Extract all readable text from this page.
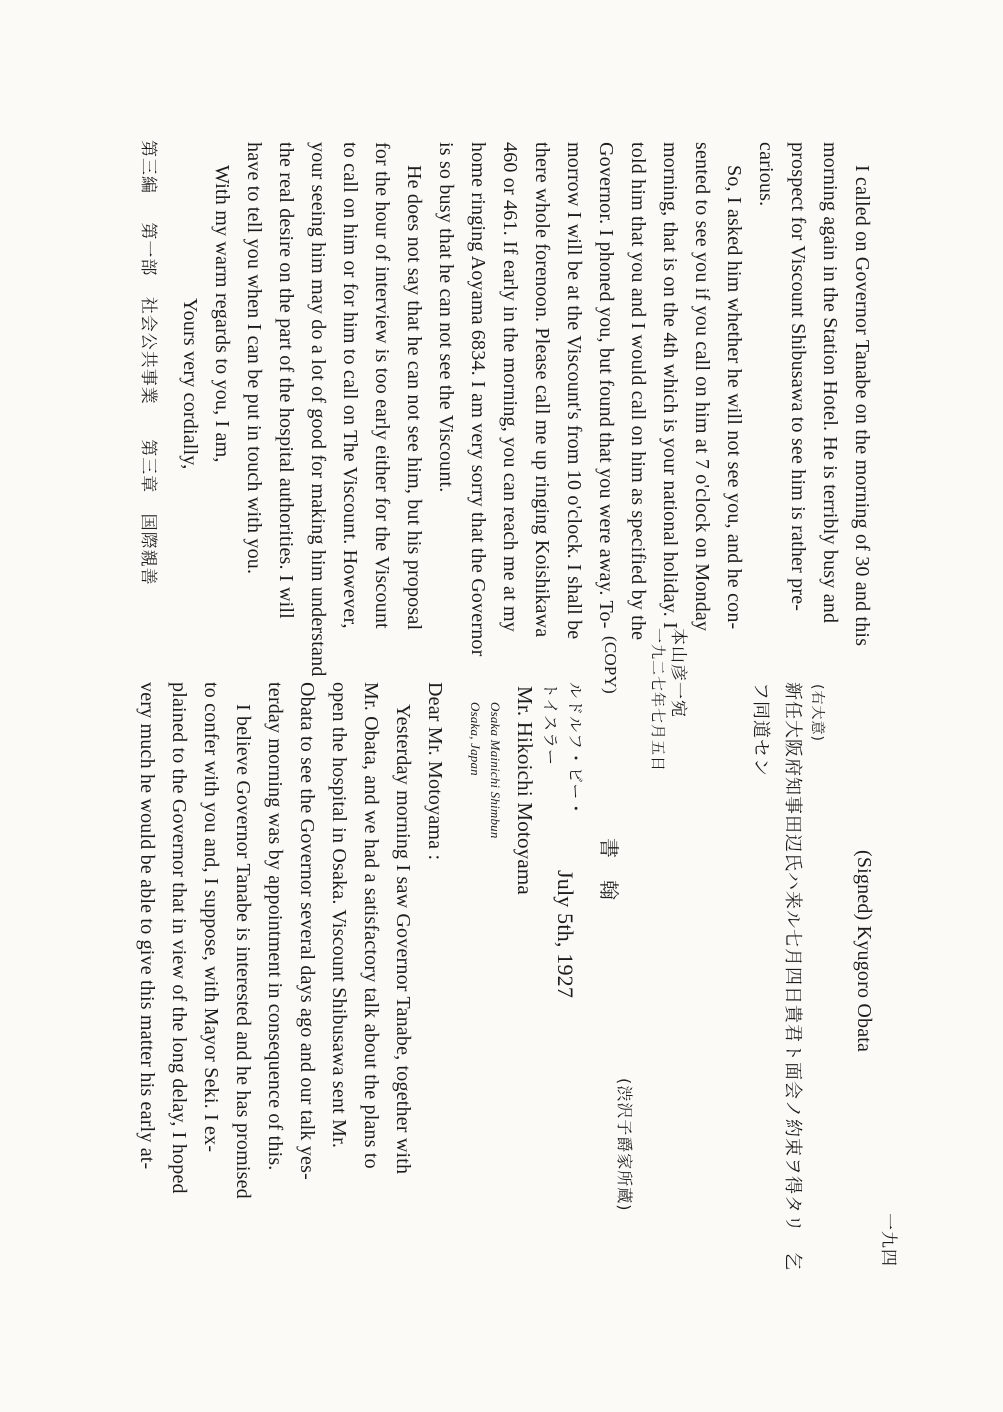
第三編 第一部 社会公共事業 第三章 国際親善
一九四
(Signed) Kyugoro Obata
(右大意)
新任大阪府知事田辺氏ハ来ル七月四日貴君ト面会ノ約束ヲ得タリ　乞
フ同道セン
(渋沢子爵家所蔵)
(COPY)
July 5th, 1927
本山彦一宛
一九二七年七月五日
ルドルフ・ビー・
トイスラー
書　翰
Mr. Hikoichi Motoyama
Osaka Mainichi Shimbun
Osaka, Japan
Dear Mr. Motoyama :
Yesterday morning I saw Governor Tanabe, together with
Mr. Obata, and we had a satisfactory talk about the plans to
open the hospital in Osaka. Viscount Shibusawa sent Mr.
Obata to see the Governor several days ago and our talk yes-
terday morning was by appointment in consequence of this.
I believe Governor Tanabe is interested and he has promised
to confer with you and, I suppose, with Mayor Seki. I ex-
plained to the Governor that in view of the long delay, I hoped
very much he would be able to give this matter his early at-
I called on Governor Tanabe on the morning of 30 and this
morning again in the Station Hotel. He is terribly busy and
prospect for Viscount Shibusawa to see him is rather pre-
carious.
So, I asked him whether he will not see you, and he con-
sented to see you if you call on him at 7 o'clock on Monday
morning, that is on the 4th which is your national holiday. I
told him that you and I would call on him as specified by the
Governor. I phoned you, but found that you were away. To-
morrow I will be at the Viscount's from 10 o'clock. I shall be
there whole forenoon. Please call me up ringing Koishikawa
460 or 461. If early in the morning, you can reach me at my
home ringing Aoyama 6834. I am very sorry that the Governor
is so busy that he can not see the Viscount.
He does not say that he can not see him, but his proposal
for the hour of interview is too early either for the Viscount
to call on him or for him to call on The Viscount. However,
your seeing him may do a lot of good for making him understand
the real desire on the part of the hospital authorities. I will
have to tell you when I can be put in touch with you.
With my warm regards to you, I am,
Yours very cordially,
